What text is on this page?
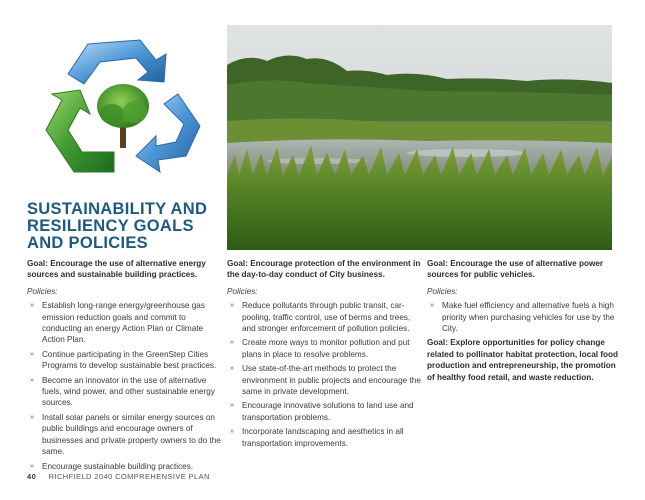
SUSTAINABILITY AND RESILIENCY GOALS AND POLICIES

Goal: Encourage the use of alternative energy sources and sustainable building practices.

Policies:

» Establish long-range energy/greenhouse gas emission reduction goals and commit to conducting an energy Action Plan or Climate Action Plan.
» Continue participating in the GreenStep Cities Programs to develop sustainable best practices.
» Become an innovator in the use of alternative fuels, wind power, and other sustainable energy sources.
» Install solar panels or similar energy sources on public buildings and encourage owners of businesses and private property owners to do the same.
» Encourage sustainable building practices.

Goal: Encourage protection of the environment in the day-to-day conduct of City business.

Policies:

» Reduce pollutants through public transit, car-pooling, traffic control, use of berms and trees, and stronger enforcement of pollution policies.
» Create more ways to monitor pollution and put plans in place to resolve problems.
» Use state-of-the-art methods to protect the environment in public projects and encourage the same in private development.
» Encourage innovative solutions to land use and transportation problems.
» Incorporate landscaping and aesthetics in all transportation improvements.

Goal: Encourage the use of alternative power sources for public vehicles.

Policies:

» Make fuel efficiency and alternative fuels a high priority when purchasing vehicles for use by the City.

Goal: Explore opportunities for policy change related to pollinator habitat protection, local food production and entrepreneurship, the promotion of healthy food retail, and waste reduction.

40 RICHFIELD 2040 COMPREHENSIVE PLAN
